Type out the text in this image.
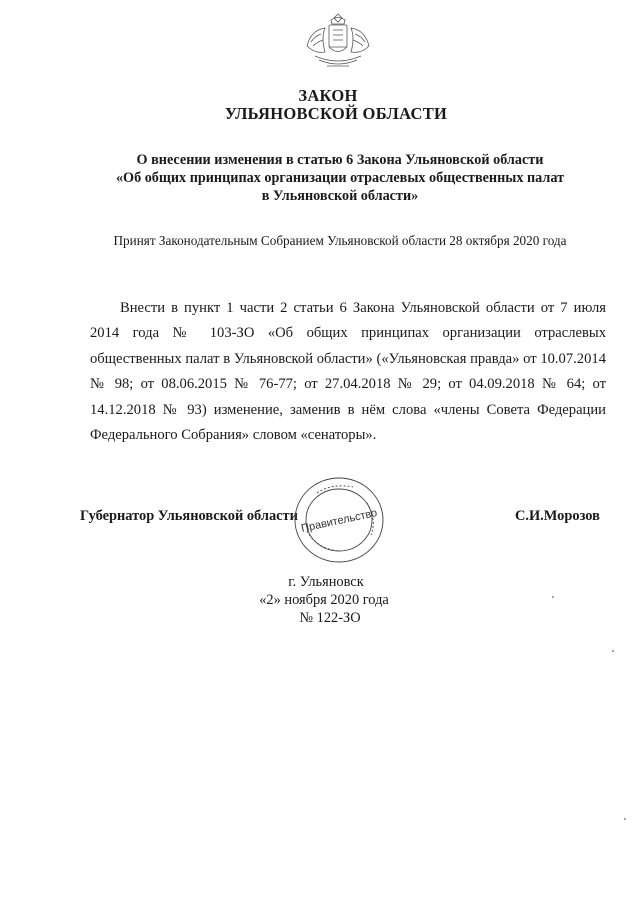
ЗАКОН
УЛЬЯНОВСКОЙ ОБЛАСТИ
О внесении изменения в статью 6 Закона Ульяновской области
«Об общих принципах организации отраслевых общественных палат
в Ульяновской области»
Принят Законодательным Собранием Ульяновской области 28 октября 2020 года

Внести в пункт 1 части 2 статьи 6 Закона Ульяновской области от 7 июля 2014 года № 103-ЗО «Об общих принципах организации отраслевых общественных палат в Ульяновской области» («Ульяновская правда» от 10.07.2014 № 98; от 08.06.2015 № 76-77; от 27.04.2018 № 29; от 04.09.2018 № 64; от 14.12.2018 № 93) изменение, заменив в нём слова «члены Совета Федерации Федерального Собрания» словом «сенаторы».

Губернатор Ульяновской области	С.И.Морозов
Правительство
г. Ульяновск
«2» ноября 2020 года
№ 122-ЗО
